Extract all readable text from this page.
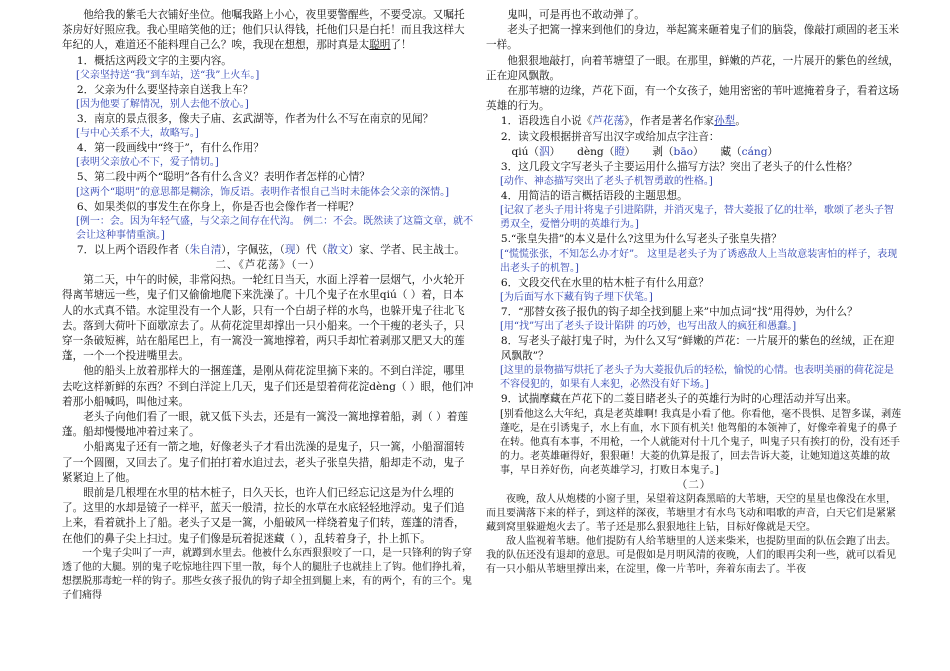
他给我的紫毛大衣铺好坐位。他嘱我路上小心，夜里要警醒些，不要受凉。又嘱托茶房好好照应我。我心里暗笑他的迂；他们只认得钱，托他们只是白托！而且我这样大年纪的人，难道还不能料理自己么？唉，我现在想想，那时真是太聪明了！

1．概括这两段文字的主要内容。

[父亲坚持送“我”到车站，送“我”上火车。]

2．父亲为什么要坚持亲自送我上车？

[因为他要了解情况，别人去他不放心。]

3．南京的景点很多，像夫子庙、玄武湖等，作者为什么不写在南京的见闻？

[与中心关系不大，故略写。]

4．第一段画线中“终于”，有什么作用？

[表明父亲放心不下，爱子情切。]

5、第二段中两个“聪明”各有什么含义？表明作者怎样的心情？

[这两个“聪明”的意思都是糊涂，饰反语。表明作者恨自己当时未能体会父亲的深情。]

6、如果类似的事发生在你身上，你是否也会像作者一样呢？

[例一：会。因为年轻气盛，与父亲之间存在代沟。 例二：不会。既然读了这篇文章，就不会让这种事情重演。]

7．以上两个语段作者（朱自清），字佩弦，（现）代（散文）家、学者、民主战士。

二、《芦花荡》（一）

第二天，中午的时候，非常闷热。一轮红日当天，水面上浮着一层烟气，小火轮开得离苇塘远一些，鬼子们又偷偷地爬下来洗澡了。十几个鬼子在水里qiú（ ）着，日本人的水式真不错。水淀里没有一个人影，只有一个白胡子样的水鸟，也躲开鬼子往北飞去。落到大荷叶下面歇凉去了。从荷花淀里却撑出一只小船来。一个干瘦的老头子，只穿一条破短裤，站在船尾巴上，有一篙没一篙地撑着，两只手却忙着剥那又肥又大的莲蓬，一个一个投进嘴里去。

他的船头上放着那样大的一捆莲蓬，是刚从荷花淀里摘下来的。不到白洋淀，哪里去吃这样新鲜的东西？不到白洋淀上几天，鬼子们还是望着荷花淀dèng（ ）眼，他们冲着那小船喊吗，叫他过来。

老头子向他们看了一眼，就又低下头去，还是有一篙没一篙地撑着船，剥（ ）着莲蓬。船却慢慢地冲着过来了。

小船离鬼子还有一箭之地，好像老头子才看出洗澡的是鬼子，只一篙，小船溜溜转了一个圆圈，又回去了。鬼子们拍打着水追过去，老头子张皇失措，船却走不动，鬼子紧紧迫上了他。

眼前是几根埋在水里的枯木桩子，日久天长，也许人们已经忘记这是为什么埋的了。这里的水却是镜子一样平，蓝天一般清，拉长的水草在水底轻轻地浮动。鬼子们追上来，看着就扑上了船。老头子又是一篙，小船破风一样绕着鬼子们转，莲蓬的清香，在他们的鼻子尖上扫过。鬼子们像是玩着捉迷藏（ ），乱转着身子，扑上抓下。

一个鬼子尖叫了一声，就蹲到水里去。他被什么东西狠狠咬了一口，是一只锋利的钩子穿透了他的大腿。别的鬼子吃惊地往四下里一散，每个人的腿肚子也就挂上了钩。他们挣扎着，想摆脱那毒蛇一样的钩子。那些女孩子报仇的钩子却全扭到腿上来，有的两个，有的三个。鬼子们痛得

鬼叫，可是再也不敢动弹了。

老头子把篙一撑来到他们的身边，举起篙来砸着鬼子们的脑袋，像敲打顽固的老玉米一样。

他狠狠地敲打，向着苇塘望了一眼。在那里，鲜嫩的芦花，一片展开的紫色的丝绒，正在迎风飘散。

在那苇塘的边缘，芦花下面，有一个女孩子，她用密密的苇叶遮掩着身子，看着这场英雄的行为。

1．语段选自小说《芦花荡》，作者是著名作家孙犁。

2．读文段根据拼音写出汉字或给加点字注音：

qiú（泅）     dèng（瞪）     剥（bāo）     藏（cáng）

3．这几段文字写老头子主要运用什么描写方法？突出了老头子的什么性格？

[动作、神态描写突出了老头子机智勇敢的性格。]

4．用简洁的语言概括语段的主题思想。

[记叙了老头子用计将鬼子引进陷阱，并消灭鬼子，替大菱报了亿的壮举，歌颂了老头子智勇双全，爱憎分明的英雄行为。]

5.“张皇失措”的本义是什么?这里为什么写老头子张皇失措？

[“慌慌张张，不知怎么办才好”。 这里是老头子为了诱惑敌人上当故意装害怕的样子，表现出老头子的机智。]

6．文段交代在水里的枯木桩子有什么用意？

[为后面写水下藏有钩子埋下伏笔。]

7．“那替女孩子报仇的钩子却全找到腿上来”中加点词“找”用得妙，为什么？

[用“找”写出了老头子设计陷阱 的巧妙，也写出敌人的疯狂和愚蠢。]

8．写老头子敲打鬼子时，为什么又写“鲜嫩的芦花：一片展开的紫色的丝绒，正在迎风飘散”？

[这里的景物描写烘托了老头子为大菱报仇后的轻松，愉悦的心情。也表明美丽的荷花淀是不容侵犯的，如果有人来犯，必然没有好下场。]

9．试揣摩藏在芦花下的二菱目睹老头子的英雄行为时的心理活动并写出来。

[别看他这么大年纪，真是老英雄啊! 我真是小看了他。你看他，毫不畏惧、足智多谋，剥莲蓬吃，是在引诱鬼子，水上有血，水下顶有机关! 他驾船的本领神了，好像牵着鬼子的鼻子在转。他真有本事，不用枪，一个人就能对付十几个鬼子，叫鬼子只有挨打的份，没有还手的力。老英雄砸得好，狠狠砸！大菱的仇算是报了，回去告诉大菱，让她知道这英雄的故事，早日养好伤，向老英雄学习，打败日本鬼子。]

（二）

夜晚，敌人从炮楼的小窗子里，呆望着这阴森黑暗的大苇塘，天空的星星也像没在水里，而且要满落下来的样子，到这样的深夜，苇塘里才有水鸟飞动和唱歌的声音，白天它们是紧紧藏到窝里躲避炮火去了。苇子还是那么狠狠地往上钻，目标好像就是天空。

敌人监视着苇塘。他们提防有人给苇塘里的人送来柴米，也提防里面的队伍会跑了出去。我的队伍还没有退却的意思。可是假如是月明风清的夜晚，人们的眼再尖利一些，就可以看见有一只小船从苇塘里撑出来，在淀里，像一片苇叶，奔着东南去了。半夜
